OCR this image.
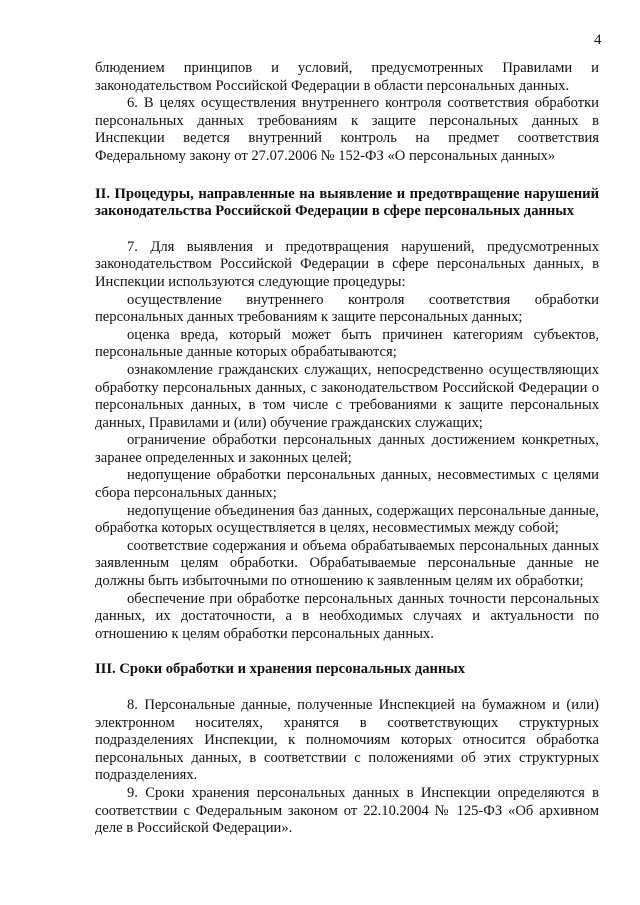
4

блюдением принципов и условий, предусмотренных Правилами и законодательством Российской Федерации в области персональных данных.

6. В целях осуществления внутреннего контроля соответствия обработки персональных данных требованиям к защите персональных данных в Инспекции ведется внутренний контроль на предмет соответствия Федеральному закону от 27.07.2006 № 152-ФЗ «О персональных данных»

II. Процедуры, направленные на выявление и предотвращение нарушений законодательства Российской Федерации в сфере персональных данных

7. Для выявления и предотвращения нарушений, предусмотренных законодательством Российской Федерации в сфере персональных данных, в Инспекции используются следующие процедуры:

осуществление внутреннего контроля соответствия обработки персональных данных требованиям к защите персональных данных;

оценка вреда, который может быть причинен категориям субъектов, персональные данные которых обрабатываются;

ознакомление гражданских служащих, непосредственно осуществляющих обработку персональных данных, с законодательством Российской Федерации о персональных данных, в том числе с требованиями к защите персональных данных, Правилами и (или) обучение гражданских служащих;

ограничение обработки персональных данных достижением конкретных, заранее определенных и законных целей;

недопущение обработки персональных данных, несовместимых с целями сбора персональных данных;

недопущение объединения баз данных, содержащих персональные данные, обработка которых осуществляется в целях, несовместимых между собой;

соответствие содержания и объема обрабатываемых персональных данных заявленным целям обработки. Обрабатываемые персональные данные не должны быть избыточными по отношению к заявленным целям их обработки;

обеспечение при обработке персональных данных точности персональных данных, их достаточности, а в необходимых случаях и актуальности по отношению к целям обработки персональных данных.

III. Сроки обработки и хранения персональных данных

8. Персональные данные, полученные Инспекцией на бумажном и (или) электронном носителях, хранятся в соответствующих структурных подразделениях Инспекции, к полномочиям которых относится обработка персональных данных, в соответствии с положениями об этих структурных подразделениях.

9. Сроки хранения персональных данных в Инспекции определяются в соответствии с Федеральным законом от 22.10.2004 № 125-ФЗ «Об архивном деле в Российской Федерации».
